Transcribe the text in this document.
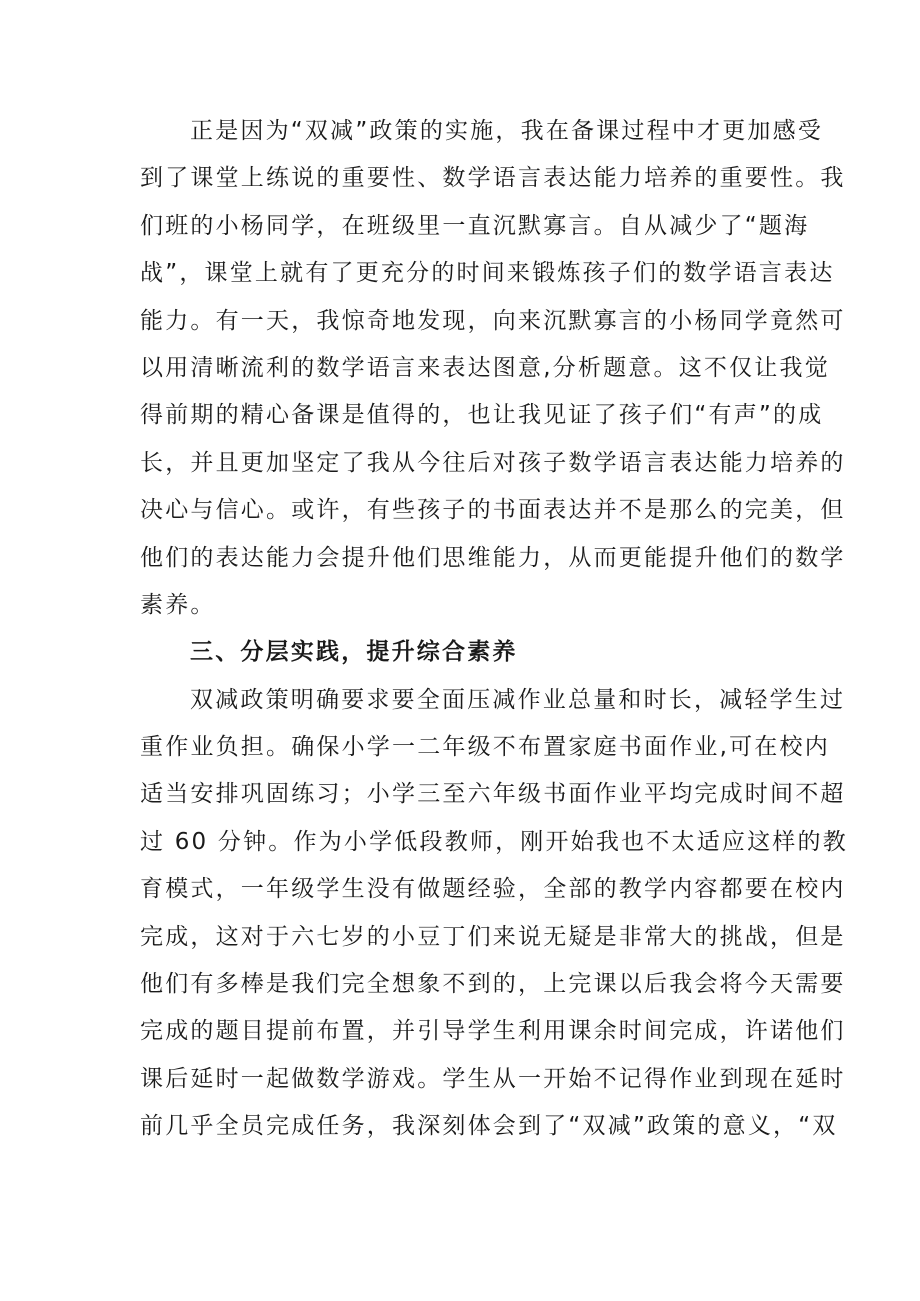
正是因为“双减”政策的实施，我在备课过程中才更加感受
到了课堂上练说的重要性、数学语言表达能力培养的重要性。我
们班的小杨同学，在班级里一直沉默寡言。自从减少了“题海
战”，课堂上就有了更充分的时间来锻炼孩子们的数学语言表达
能力。有一天，我惊奇地发现，向来沉默寡言的小杨同学竟然可
以用清晰流利的数学语言来表达图意,分析题意。这不仅让我觉
得前期的精心备课是值得的，也让我见证了孩子们“有声”的成
长，并且更加坚定了我从今往后对孩子数学语言表达能力培养的
决心与信心。或许，有些孩子的书面表达并不是那么的完美，但
他们的表达能力会提升他们思维能力，从而更能提升他们的数学
素养。
三、分层实践，提升综合素养
双减政策明确要求要全面压减作业总量和时长，减轻学生过
重作业负担。确保小学一二年级不布置家庭书面作业,可在校内
适当安排巩固练习；小学三至六年级书面作业平均完成时间不超
过 60 分钟。作为小学低段教师，刚开始我也不太适应这样的教
育模式，一年级学生没有做题经验，全部的教学内容都要在校内
完成，这对于六七岁的小豆丁们来说无疑是非常大的挑战，但是
他们有多棒是我们完全想象不到的，上完课以后我会将今天需要
完成的题目提前布置，并引导学生利用课余时间完成，许诺他们
课后延时一起做数学游戏。学生从一开始不记得作业到现在延时
前几乎全员完成任务，我深刻体会到了“双减”政策的意义，“双
